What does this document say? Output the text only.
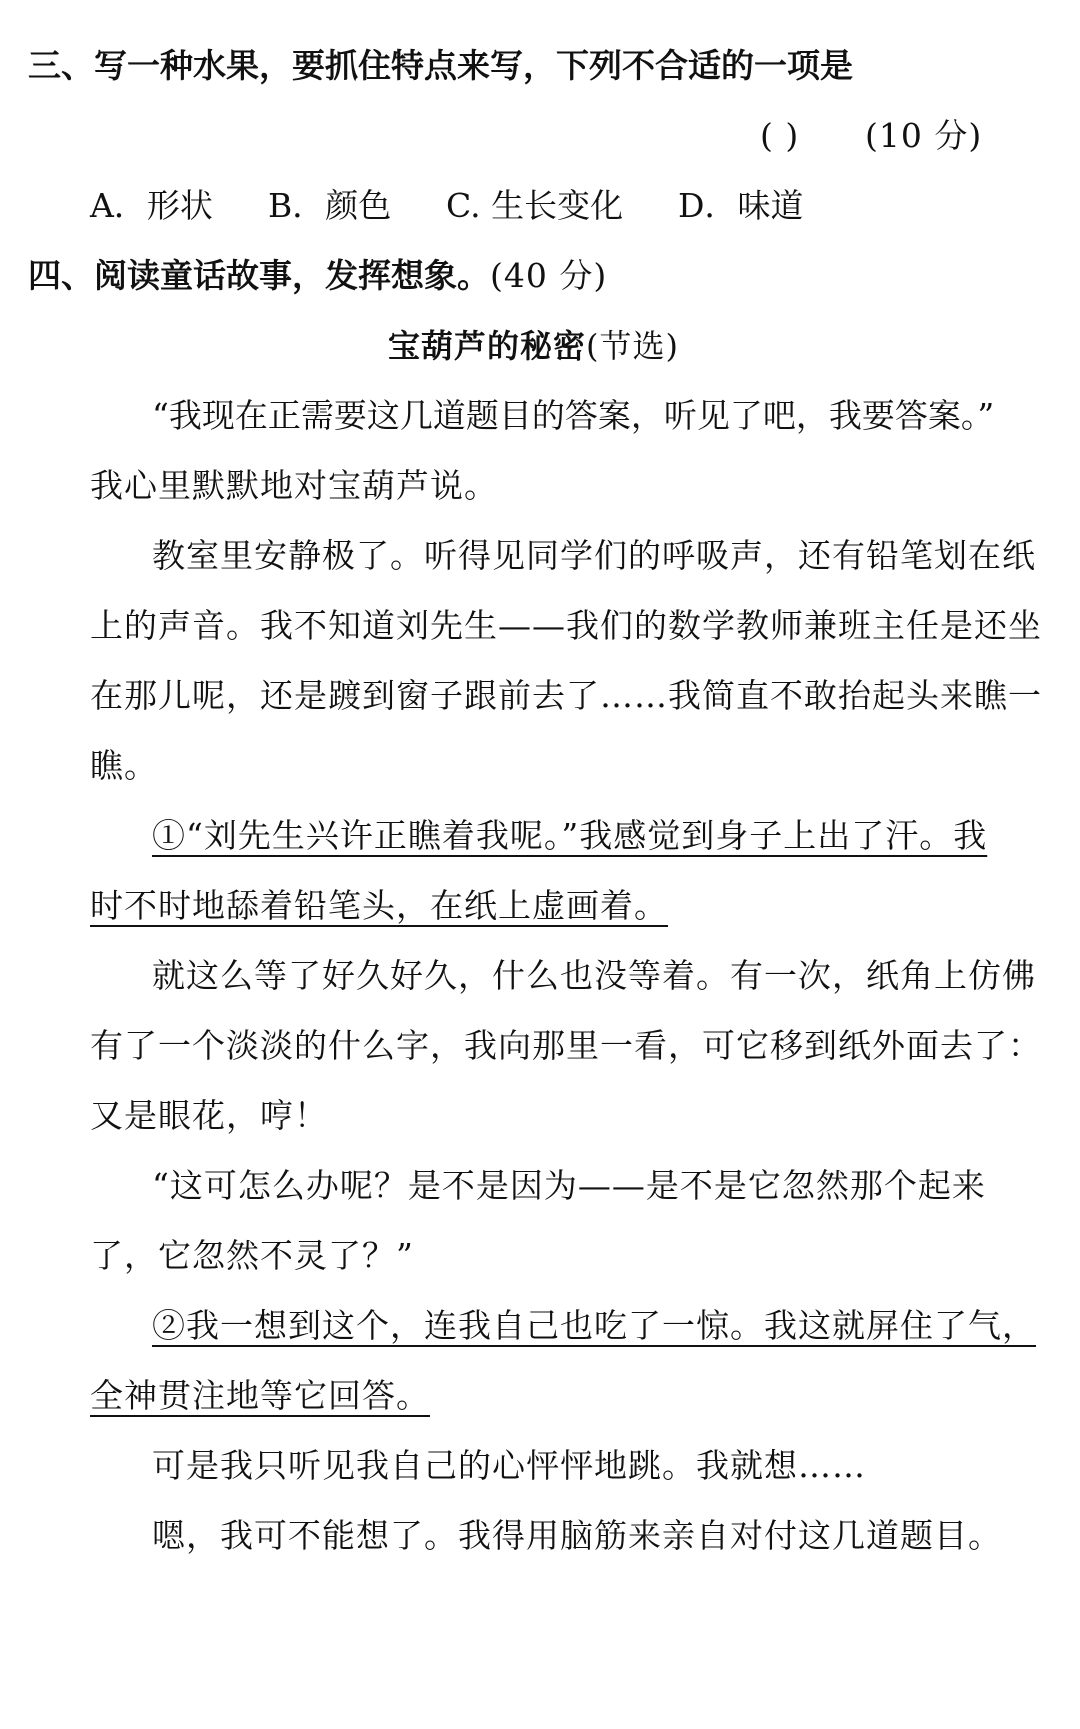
三、写一种水果，要抓住特点来写，下列不合适的一项是
( ) (10 分)
A．形状 B．颜色 C. 生长变化 D．味道
四、阅读童话故事，发挥想象。(40 分)
宝葫芦的秘密(节选)
“我现在正需要这几道题目的答案，听见了吧，我要答案。”
我心里默默地对宝葫芦说。
教室里安静极了。听得见同学们的呼吸声，还有铅笔划在纸
上的声音。我不知道刘先生——我们的数学教师兼班主任是还坐
在那儿呢，还是踱到窗子跟前去了……我简直不敢抬起头来瞧一
瞧。
①“刘先生兴许正瞧着我呢。”我感觉到身子上出了汗。我
时不时地舔着铅笔头，在纸上虚画着。
就这么等了好久好久，什么也没等着。有一次，纸角上仿佛
有了一个淡淡的什么字，我向那里一看，可它移到纸外面去了：
又是眼花，哼！
“这可怎么办呢？是不是因为——是不是它忽然那个起来
了，它忽然不灵了？”
②我一想到这个，连我自己也吃了一惊。我这就屏住了气，
全神贯注地等它回答。
可是我只听见我自己的心怦怦地跳。我就想……
嗯，我可不能想了。我得用脑筋来亲自对付这几道题目。
